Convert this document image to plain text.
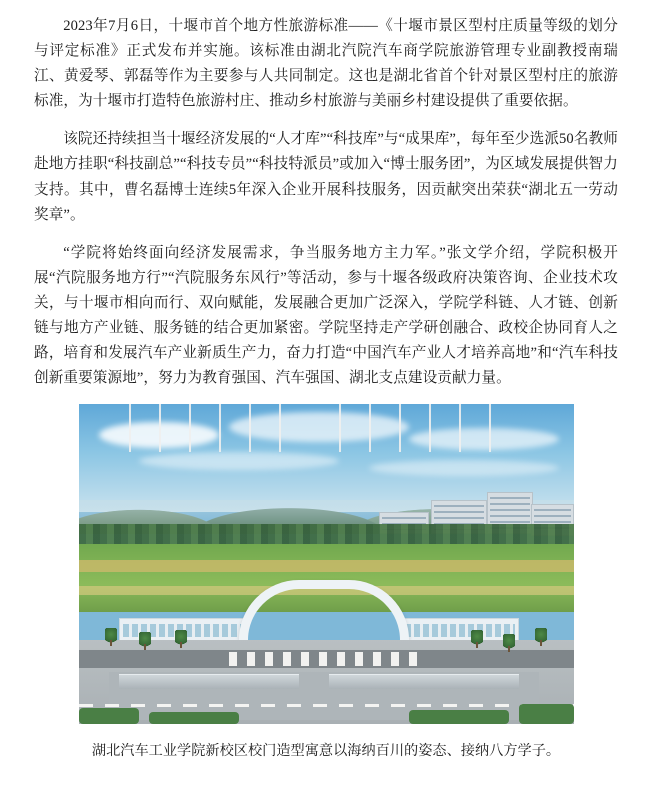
2023年7月6日，十堰市首个地方性旅游标准——《十堰市景区型村庄质量等级的划分与评定标准》正式发布并实施。该标准由湖北汽院汽车商学院旅游管理专业副教授南瑞江、黄爱琴、郭磊等作为主要参与人共同制定。这也是湖北省首个针对景区型村庄的旅游标准，为十堰市打造特色旅游村庄、推动乡村旅游与美丽乡村建设提供了重要依据。

该院还持续担当十堰经济发展的“人才库”“科技库”与“成果库”，每年至少选派50名教师赴地方挂职“科技副总”“科技专员”“科技特派员”或加入“博士服务团”，为区域发展提供智力支持。其中，曹名磊博士连续5年深入企业开展科技服务，因贡献突出荣获“湖北五一劳动奖章”。

“学院将始终面向经济发展需求，争当服务地方主力军。”张文学介绍，学院积极开展“汽院服务地方行”“汽院服务东风行”等活动，参与十堰各级政府决策咨询、企业技术攻关，与十堰市相向而行、双向赋能，发展融合更加广泛深入，学院学科链、人才链、创新链与地方产业链、服务链的结合更加紧密。学院坚持走产学研创融合、政校企协同育人之路，培育和发展汽车产业新质生产力，奋力打造“中国汽车产业人才培养高地”和“汽车科技创新重要策源地”，努力为教育强国、汽车强国、湖北支点建设贡献力量。

湖北汽车工业学院新校区校门造型寓意以海纳百川的姿态、接纳八方学子。
